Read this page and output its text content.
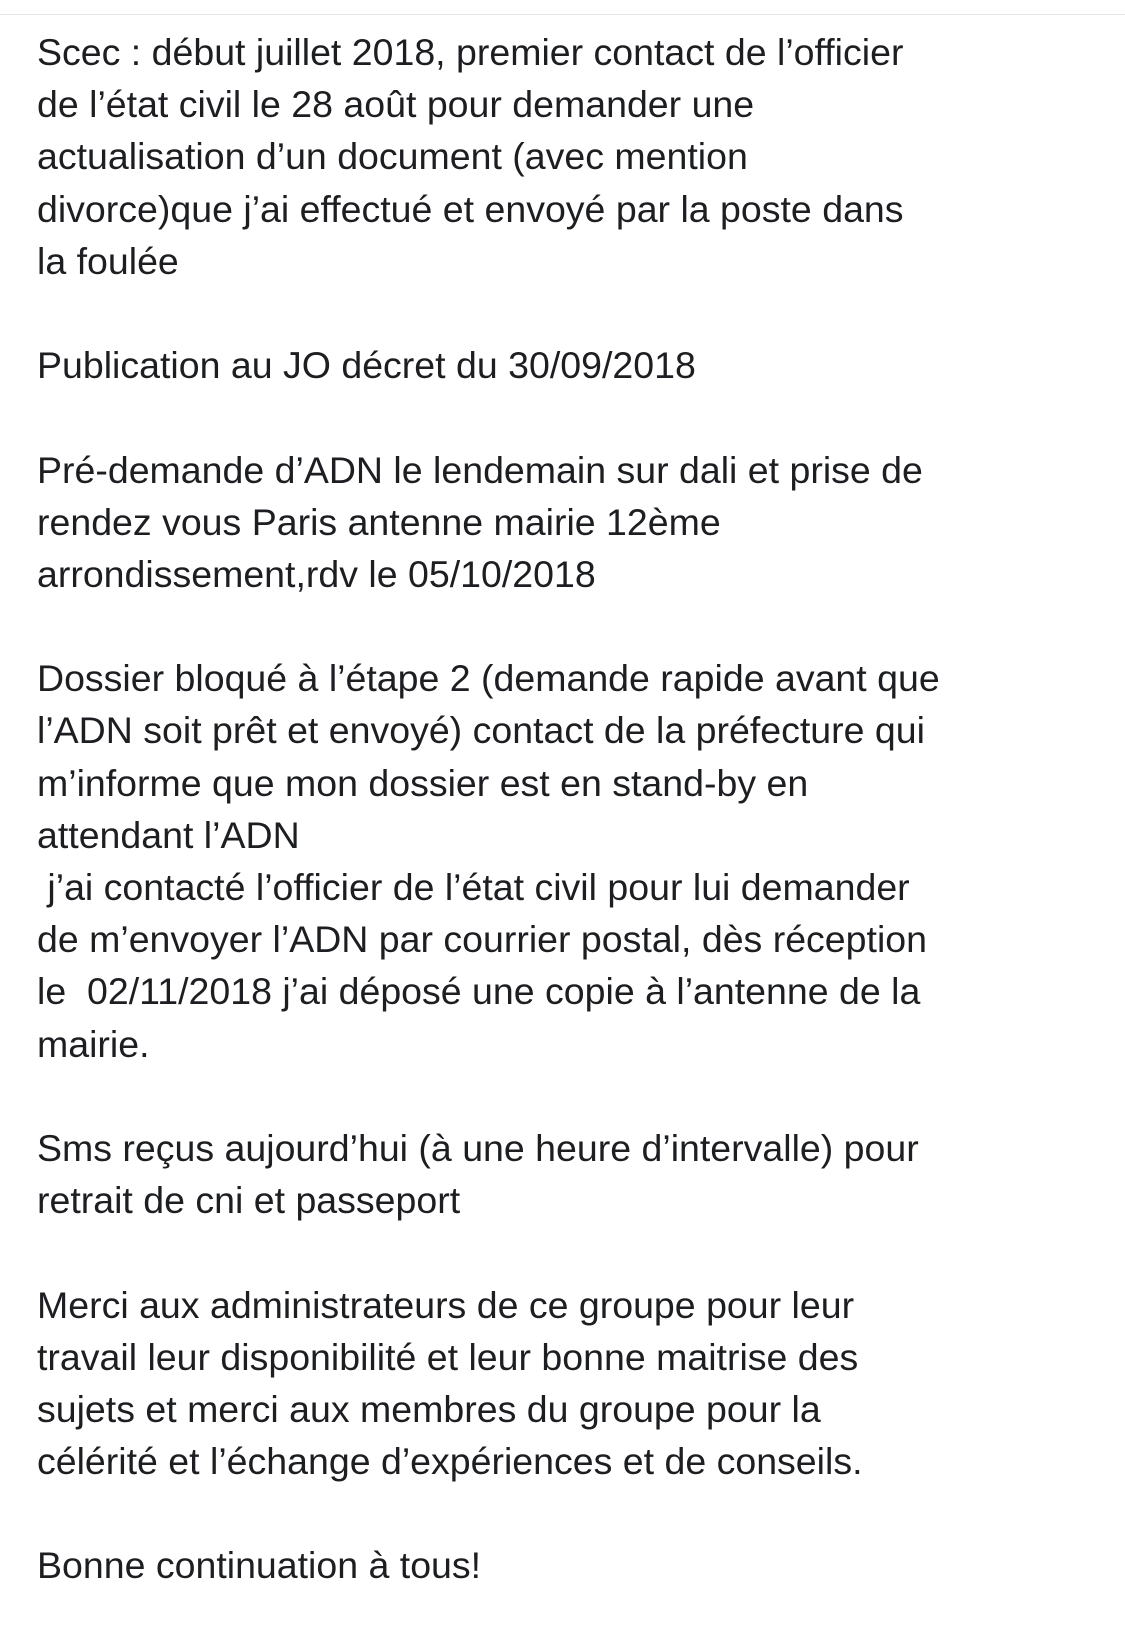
Scec : début juillet 2018, premier contact de l’officier
de l’état civil le 28 août pour demander une
actualisation d’un document (avec mention
divorce)que j’ai effectué et envoyé par la poste dans
la foulée
Publication au JO décret du 30/09/2018
Pré-demande d’ADN le lendemain sur dali et prise de
rendez vous Paris antenne mairie 12ème
arrondissement,rdv le 05/10/2018
Dossier bloqué à l’étape 2 (demande rapide avant que
l’ADN soit prêt et envoyé) contact de la préfecture qui
m’informe que mon dossier est en stand-by en
attendant l’ADN
j’ai contacté l’officier de l’état civil pour lui demander
de m’envoyer l’ADN par courrier postal, dès réception
le  02/11/2018 j’ai déposé une copie à l’antenne de la
mairie.
Sms reçus aujourd’hui (à une heure d’intervalle) pour
retrait de cni et passeport
Merci aux administrateurs de ce groupe pour leur
travail leur disponibilité et leur bonne maitrise des
sujets et merci aux membres du groupe pour la
célérité et l’échange d’expériences et de conseils.
Bonne continuation à tous!
